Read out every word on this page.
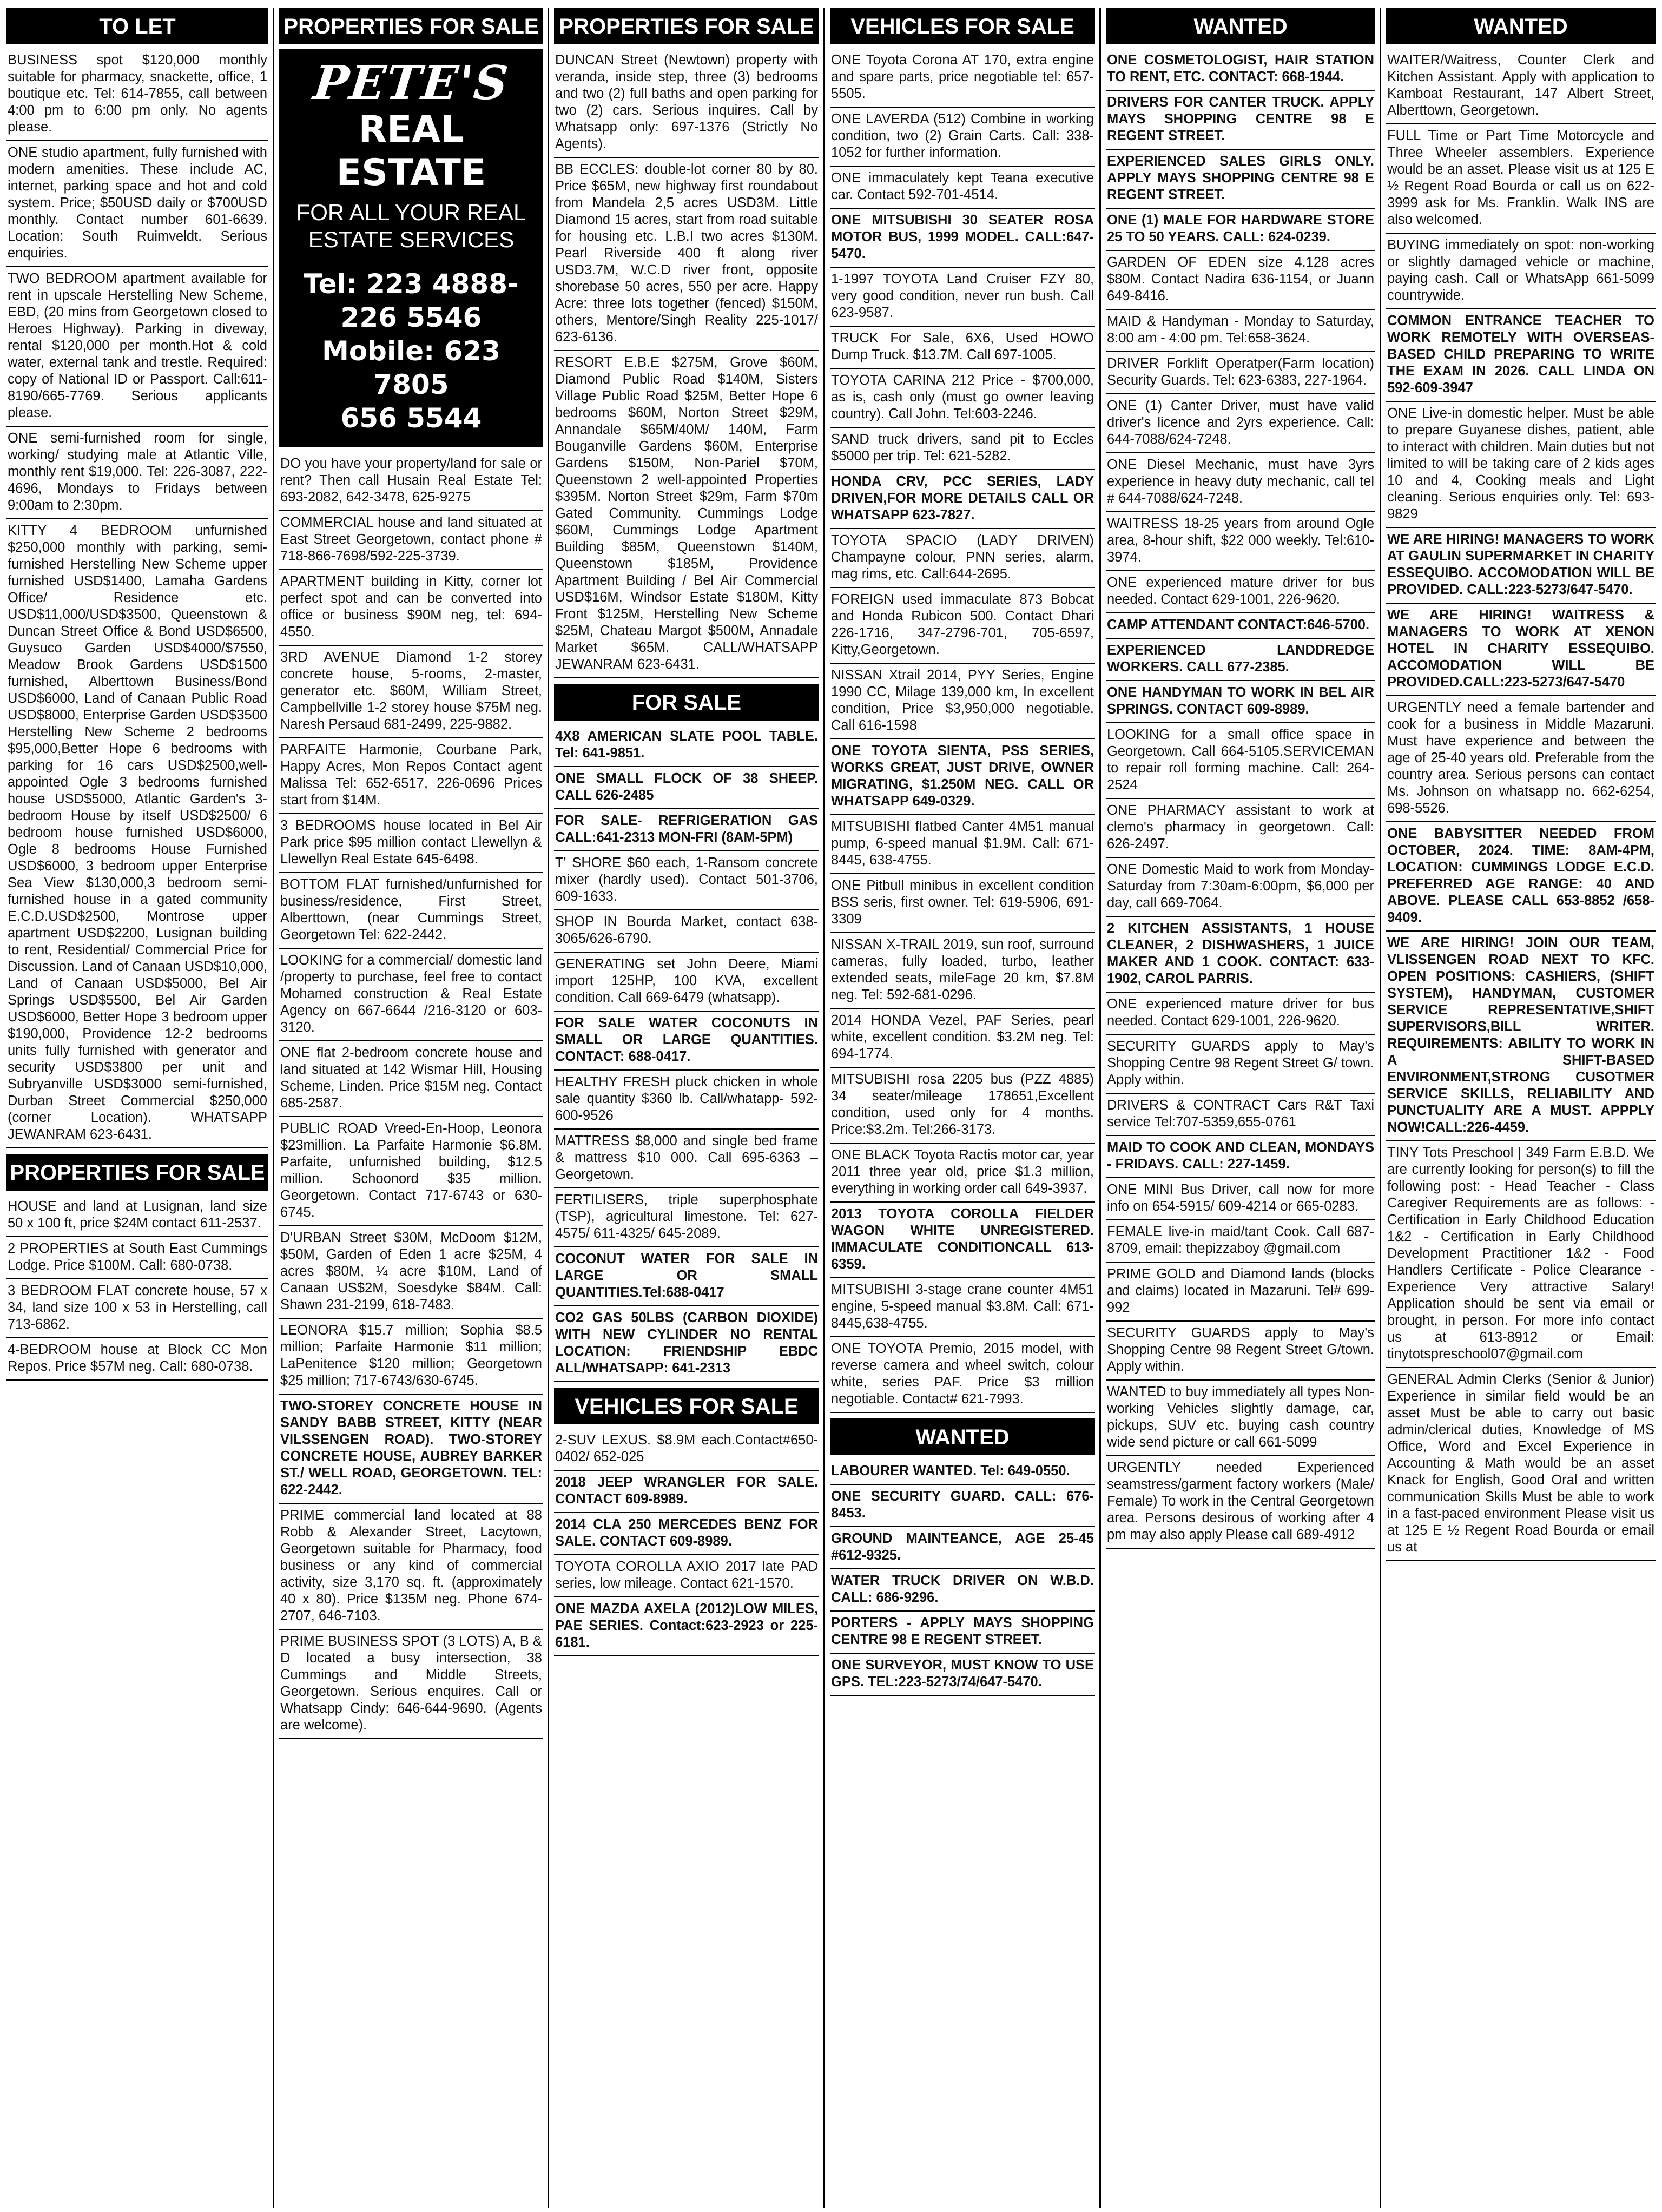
TO LET

BUSINESS spot $120,000 monthly suitable for pharmacy, snackette, office, 1 boutique etc. Tel: 614-7855, call between 4:00 pm to 6:00 pm only. No agents please.

ONE studio apartment, fully furnished with modern amenities. These include AC, internet, parking space and hot and cold system. Price; $50USD daily or $700USD monthly. Contact number 601-6639. Location: South Ruimveldt. Serious enquiries.

TWO BEDROOM apartment available for rent in upscale Herstelling New Scheme, EBD, (20 mins from Georgetown closed to Heroes Highway). Parking in diveway, rental $120,000 per month.Hot & cold water, external tank and trestle. Required: copy of National ID or Passport. Call:611-8190/665-7769. Serious applicants please.

ONE semi-furnished room for single, working/ studying male at Atlantic Ville, monthly rent $19,000. Tel: 226-3087, 222-4696, Mondays to Fridays between 9:00am to 2:30pm.

KITTY 4 BEDROOM unfurnished $250,000 monthly with parking, semi-furnished Herstelling New Scheme upper furnished USD$1400, Lamaha Gardens Office/ Residence etc. USD$11,000/USD$3500, Queenstown & Duncan Street Office & Bond USD$6500, Guysuco Garden USD$4000/$7550, Meadow Brook Gardens USD$1500 furnished, Alberttown Business/Bond USD$6000, Land of Canaan Public Road USD$8000, Enterprise Garden USD$3500 Herstelling New Scheme 2 bedrooms $95,000,Better Hope 6 bedrooms with parking for 16 cars USD$2500,well-appointed Ogle 3 bedrooms furnished house USD$5000, Atlantic Garden's 3-bedroom House by itself USD$2500/ 6 bedroom house furnished USD$6000, Ogle 8 bedrooms House Furnished USD$6000, 3 bedroom upper Enterprise Sea View $130,000,3 bedroom semi-furnished house in a gated community E.C.D.USD$2500, Montrose upper apartment USD$2200, Lusignan building to rent, Residential/ Commercial Price for Discussion. Land of Canaan USD$10,000, Land of Canaan USD$5000, Bel Air Springs USD$5500, Bel Air Garden USD$6000, Better Hope 3 bedroom upper $190,000, Providence 12-2 bedrooms units fully furnished with generator and security USD$3800 per unit and Subryanville USD$3000 semi-furnished, Durban Street Commercial $250,000 (corner Location). WHATSAPP JEWANRAM 623-6431.

PROPERTIES FOR SALE

HOUSE and land at Lusignan, land size 50 x 100 ft, price $24M contact 611-2537.

2 PROPERTIES at South East Cummings Lodge. Price $100M. Call: 680-0738.

3 BEDROOM FLAT concrete house, 57 x 34, land size 100 x 53 in Herstelling, call 713-6862.

4-BEDROOM house at Block CC Mon Repos. Price $57M neg. Call: 680-0738.

PROPERTIES FOR SALE
PETE'S
REAL ESTATE
FOR ALL YOUR REAL ESTATE SERVICES
Tel: 223 4888-
226 5546
Mobile: 623 7805
656 5544

DO you have your property/land for sale or rent? Then call Husain Real Estate Tel: 693-2082, 642-3478, 625-9275

COMMERCIAL house and land situated at East Street Georgetown, contact phone # 718-866-7698/592-225-3739.

APARTMENT building in Kitty, corner lot perfect spot and can be converted into office or business $90M neg, tel: 694-4550.

3RD AVENUE Diamond 1-2 storey concrete house, 5-rooms, 2-master, generator etc. $60M, William Street, Campbellville 1-2 storey house $75M neg. Naresh Persaud 681-2499, 225-9882.

PARFAITE Harmonie, Courbane Park, Happy Acres, Mon Repos Contact agent Malissa Tel: 652-6517, 226-0696 Prices start from $14M.

3 BEDROOMS house located in Bel Air Park price $95 million contact Llewellyn & Llewellyn Real Estate 645-6498.

BOTTOM FLAT furnished/unfurnished for business/residence, First Street, Alberttown, (near Cummings Street, Georgetown Tel: 622-2442.

LOOKING for a commercial/ domestic land /property to purchase, feel free to contact Mohamed construction & Real Estate Agency on 667-6644 /216-3120 or 603-3120.

ONE flat 2-bedroom concrete house and land situated at 142 Wismar Hill, Housing Scheme, Linden. Price $15M neg. Contact 685-2587.

PUBLIC ROAD Vreed-En-Hoop, Leonora $23million. La Parfaite Harmonie $6.8M. Parfaite, unfurnished building, $12.5 million. Schoonord $35 million. Georgetown. Contact 717-6743 or 630-6745.

D'URBAN Street $30M, McDoom $12M, $50M, Garden of Eden 1 acre $25M, 4 acres $80M, ¼ acre $10M, Land of Canaan US$2M, Soesdyke $84M. Call: Shawn 231-2199, 618-7483.

LEONORA $15.7 million; Sophia $8.5 million; Parfaite Harmonie $11 million; LaPenitence $120 million; Georgetown $25 million; 717-6743/630-6745.

TWO-STOREY CONCRETE HOUSE IN SANDY BABB STREET, KITTY (NEAR VILSSENGEN ROAD). TWO-STOREY CONCRETE HOUSE, AUBREY BARKER ST./ WELL ROAD, GEORGETOWN. TEL: 622-2442.

PRIME commercial land located at 88 Robb & Alexander Street, Lacytown, Georgetown suitable for Pharmacy, food business or any kind of commercial activity, size 3,170 sq. ft. (approximately 40 x 80). Price $135M neg. Phone 674-2707, 646-7103.

PRIME BUSINESS SPOT (3 LOTS) A, B & D located a busy intersection, 38 Cummings and Middle Streets, Georgetown. Serious enquires. Call or Whatsapp Cindy: 646-644-9690. (Agents are welcome).

PROPERTIES FOR SALE

DUNCAN Street (Newtown) property with veranda, inside step, three (3) bedrooms and two (2) full baths and open parking for two (2) cars. Serious inquires. Call by Whatsapp only: 697-1376 (Strictly No Agents).

BB ECCLES: double-lot corner 80 by 80. Price $65M, new highway first roundabout from Mandela 2,5 acres USD3M. Little Diamond 15 acres, start from road suitable for housing etc. L.B.I two acres $130M. Pearl Riverside 400 ft along river USD3.7M, W.C.D river front, opposite shorebase 50 acres, 550 per acre. Happy Acre: three lots together (fenced) $150M, others, Mentore/Singh Reality 225-1017/ 623-6136.

RESORT E.B.E $275M, Grove $60M, Diamond Public Road $140M, Sisters Village Public Road $25M, Better Hope 6 bedrooms $60M, Norton Street $29M, Annandale $65M/40M/ 140M, Farm Bouganville Gardens $60M, Enterprise Gardens $150M, Non-Pariel $70M, Queenstown 2 well-appointed Properties $395M. Norton Street $29m, Farm $70m Gated Community. Cummings Lodge $60M, Cummings Lodge Apartment Building $85M, Queenstown $140M, Queenstown $185M, Providence Apartment Building / Bel Air Commercial USD$16M, Windsor Estate $180M, Kitty Front $125M, Herstelling New Scheme $25M, Chateau Margot $500M, Annadale Market $65M. CALL/WHATSAPP JEWANRAM 623-6431.

FOR SALE

4X8 AMERICAN SLATE POOL TABLE. Tel: 641-9851.

ONE SMALL FLOCK OF 38 SHEEP. CALL 626-2485

FOR SALE- REFRIGERATION GAS CALL:641-2313 MON-FRI (8AM-5PM)

T' SHORE $60 each, 1-Ransom concrete mixer (hardly used). Contact 501-3706, 609-1633.

SHOP IN Bourda Market, contact 638-3065/626-6790.

GENERATING set John Deere, Miami import 125HP, 100 KVA, excellent condition. Call 669-6479 (whatsapp).

FOR SALE WATER COCONUTS IN SMALL OR LARGE QUANTITIES. CONTACT: 688-0417.

HEALTHY FRESH pluck chicken in whole sale quantity $360 lb. Call/whatapp- 592-600-9526

MATTRESS $8,000 and single bed frame & mattress $10 000. Call 695-6363 – Georgetown.

FERTILISERS, triple superphosphate (TSP), agricultural limestone. Tel: 627-4575/ 611-4325/ 645-2089.

COCONUT WATER FOR SALE IN LARGE OR SMALL QUANTITIES.Tel:688-0417

CO2 GAS 50LBS (CARBON DIOXIDE) WITH NEW CYLINDER NO RENTAL LOCATION: FRIENDSHIP EBDC ALL/WHATSAPP: 641-2313

VEHICLES FOR SALE

2-SUV LEXUS. $8.9M each.Contact#650-0402/ 652-025

2018 JEEP WRANGLER FOR SALE. CONTACT 609-8989.

2014 CLA 250 MERCEDES BENZ FOR SALE. CONTACT 609-8989.

TOYOTA COROLLA AXIO 2017 late PAD series, low mileage. Contact 621-1570.

ONE MAZDA AXELA (2012)LOW MILES, PAE SERIES. Contact:623-2923 or 225-6181.

VEHICLES FOR SALE

ONE Toyota Corona AT 170, extra engine and spare parts, price negotiable tel: 657-5505.

ONE LAVERDA (512) Combine in working condition, two (2) Grain Carts. Call: 338-1052 for further information.

ONE immaculately kept Teana executive car. Contact 592-701-4514.

ONE MITSUBISHI 30 SEATER ROSA MOTOR BUS, 1999 MODEL. CALL:647-5470.

1-1997 TOYOTA Land Cruiser FZY 80, very good condition, never run bush. Call 623-9587.

TRUCK For Sale, 6X6, Used HOWO Dump Truck. $13.7M. Call 697-1005.

TOYOTA CARINA 212 Price - $700,000, as is, cash only (must go owner leaving country). Call John. Tel:603-2246.

SAND truck drivers, sand pit to Eccles $5000 per trip. Tel: 621-5282.

HONDA CRV, PCC SERIES, LADY DRIVEN,FOR MORE DETAILS CALL OR WHATSAPP 623-7827.

TOYOTA SPACIO (LADY DRIVEN) Champayne colour, PNN series, alarm, mag rims, etc. Call:644-2695.

FOREIGN used immaculate 873 Bobcat and Honda Rubicon 500. Contact Dhari 226-1716, 347-2796-701, 705-6597, Kitty,Georgetown.

NISSAN Xtrail 2014, PYY Series, Engine 1990 CC, Milage 139,000 km, In excellent condition, Price $3,950,000 negotiable. Call 616-1598

ONE TOYOTA SIENTA, PSS SERIES, WORKS GREAT, JUST DRIVE, OWNER MIGRATING, $1.250M NEG. CALL OR WHATSAPP 649-0329.

MITSUBISHI flatbed Canter 4M51 manual pump, 6-speed manual $1.9M. Call: 671-8445, 638-4755.

ONE Pitbull minibus in excellent condition BSS seris, first owner. Tel: 619-5906, 691-3309

NISSAN X-TRAIL 2019, sun roof, surround cameras, fully loaded, turbo, leather extended seats, mileFage 20 km, $7.8M neg. Tel: 592-681-0296.

2014 HONDA Vezel, PAF Series, pearl white, excellent condition. $3.2M neg. Tel: 694-1774.

MITSUBISHI rosa 2205 bus (PZZ 4885) 34 seater/mileage 178651,Excellent condition, used only for 4 months. Price:$3.2m. Tel:266-3173.

ONE BLACK Toyota Ractis motor car, year 2011 three year old, price $1.3 million, everything in working order call 649-3937.

2013 TOYOTA COROLLA FIELDER WAGON WHITE UNREGISTERED. IMMACULATE CONDITIONCALL 613-6359.

MITSUBISHI 3-stage crane counter 4M51 engine, 5-speed manual $3.8M. Call: 671-8445,638-4755.

ONE TOYOTA Premio, 2015 model, with reverse camera and wheel switch, colour white, series PAF. Price $3 million negotiable. Contact# 621-7993.

WANTED

LABOURER WANTED. Tel: 649-0550.

ONE SECURITY GUARD. CALL: 676-8453.

GROUND MAINTEANCE, AGE 25-45 #612-9325.

WATER TRUCK DRIVER ON W.B.D. CALL: 686-9296.

PORTERS - APPLY MAYS SHOPPING CENTRE 98 E REGENT STREET.

ONE SURVEYOR, MUST KNOW TO USE GPS. TEL:223-5273/74/647-5470.

WANTED

ONE COSMETOLOGIST, HAIR STATION TO RENT, ETC. CONTACT: 668-1944.

DRIVERS FOR CANTER TRUCK. APPLY MAYS SHOPPING CENTRE 98 E REGENT STREET.

EXPERIENCED SALES GIRLS ONLY. APPLY MAYS SHOPPING CENTRE 98 E REGENT STREET.

ONE (1) MALE FOR HARDWARE STORE 25 TO 50 YEARS. CALL: 624-0239.

GARDEN OF EDEN size 4.128 acres $80M. Contact Nadira 636-1154, or Juann 649-8416.

MAID & Handyman - Monday to Saturday, 8:00 am - 4:00 pm. Tel:658-3624.

DRIVER Forklift Operatper(Farm location) Security Guards. Tel: 623-6383, 227-1964.

ONE (1) Canter Driver, must have valid driver's licence and 2yrs experience. Call: 644-7088/624-7248.

ONE Diesel Mechanic, must have 3yrs experience in heavy duty mechanic, call tel # 644-7088/624-7248.

WAITRESS 18-25 years from around Ogle area, 8-hour shift, $22 000 weekly. Tel:610-3974.

ONE experienced mature driver for bus needed. Contact 629-1001, 226-9620.

CAMP ATTENDANT CONTACT:646-5700.

EXPERIENCED LANDDREDGE WORKERS. CALL 677-2385.

ONE HANDYMAN TO WORK IN BEL AIR SPRINGS. CONTACT 609-8989.

LOOKING for a small office space in Georgetown. Call 664-5105.SERVICEMAN to repair roll forming machine. Call: 264-2524

ONE PHARMACY assistant to work at clemo's pharmacy in georgetown. Call: 626-2497.

ONE Domestic Maid to work from Monday-Saturday from 7:30am-6:00pm, $6,000 per day, call 669-7064.

2 KITCHEN ASSISTANTS, 1 HOUSE CLEANER, 2 DISHWASHERS, 1 JUICE MAKER AND 1 COOK. CONTACT: 633-1902, CAROL PARRIS.

ONE experienced mature driver for bus needed. Contact 629-1001, 226-9620.

SECURITY GUARDS apply to May's Shopping Centre 98 Regent Street G/ town. Apply within.

DRIVERS & CONTRACT Cars R&T Taxi service Tel:707-5359,655-0761

MAID TO COOK AND CLEAN, MONDAYS - FRIDAYS. CALL: 227-1459.

ONE MINI Bus Driver, call now for more info on 654-5915/ 609-4214 or 665-0283.

FEMALE live-in maid/tant Cook. Call 687-8709, email: thepizzaboy @gmail.com

PRIME GOLD and Diamond lands (blocks and claims) located in Mazaruni. Tel# 699-992

SECURITY GUARDS apply to May's Shopping Centre 98 Regent Street G/town. Apply within.

WANTED to buy immediately all types Non-working Vehicles slightly damage, car, pickups, SUV etc. buying cash country wide send picture or call 661-5099

URGENTLY needed Experienced seamstress/garment factory workers (Male/ Female) To work in the Central Georgetown area. Persons desirous of working after 4 pm may also apply Please call 689-4912

WANTED

WAITER/Waitress, Counter Clerk and Kitchen Assistant. Apply with application to Kamboat Restaurant, 147 Albert Street, Alberttown, Georgetown.

FULL Time or Part Time Motorcycle and Three Wheeler assemblers. Experience would be an asset. Please visit us at 125 E ½ Regent Road Bourda or call us on 622-3999 ask for Ms. Franklin. Walk INS are also welcomed.

BUYING immediately on spot: non-working or slightly damaged vehicle or machine, paying cash. Call or WhatsApp 661-5099 countrywide.

COMMON ENTRANCE TEACHER TO WORK REMOTELY WITH OVERSEAS-BASED CHILD PREPARING TO WRITE THE EXAM IN 2026. CALL LINDA ON 592-609-3947

ONE Live-in domestic helper. Must be able to prepare Guyanese dishes, patient, able to interact with children. Main duties but not limited to will be taking care of 2 kids ages 10 and 4, Cooking meals and Light cleaning. Serious enquiries only. Tel: 693-9829

WE ARE HIRING! MANAGERS TO WORK AT GAULIN SUPERMARKET IN CHARITY ESSEQUIBO. ACCOMODATION WILL BE PROVIDED. CALL:223-5273/647-5470.

WE ARE HIRING! WAITRESS & MANAGERS TO WORK AT XENON HOTEL IN CHARITY ESSEQUIBO. ACCOMODATION WILL BE PROVIDED.CALL:223-5273/647-5470

URGENTLY need a female bartender and cook for a business in Middle Mazaruni. Must have experience and between the age of 25-40 years old. Preferable from the country area. Serious persons can contact Ms. Johnson on whatsapp no. 662-6254, 698-5526.

ONE BABYSITTER NEEDED FROM OCTOBER, 2024. TIME: 8AM-4PM, LOCATION: CUMMINGS LODGE E.C.D. PREFERRED AGE RANGE: 40 AND ABOVE. PLEASE CALL 653-8852 /658-9409.

WE ARE HIRING! JOIN OUR TEAM, VLISSENGEN ROAD NEXT TO KFC. OPEN POSITIONS: CASHIERS, (SHIFT SYSTEM), HANDYMAN, CUSTOMER SERVICE REPRESENTATIVE,SHIFT SUPERVISORS,BILL WRITER. REQUIREMENTS: ABILITY TO WORK IN A SHIFT-BASED ENVIRONMENT,STRONG CUSOTMER SERVICE SKILLS, RELIABILITY AND PUNCTUALITY ARE A MUST. APPPLY NOW!CALL:226-4459.

TINY Tots Preschool | 349 Farm E.B.D. We are currently looking for person(s) to fill the following post: - Head Teacher - Class Caregiver Requirements are as follows: - Certification in Early Childhood Education 1&2 - Certification in Early Childhood Development Practitioner 1&2 - Food Handlers Certificate - Police Clearance - Experience Very attractive Salary! Application should be sent via email or brought, in person. For more info contact us at 613-8912 or Email: tinytotspreschool07@gmail.com

GENERAL Admin Clerks (Senior & Junior) Experience in similar field would be an asset Must be able to carry out basic admin/clerical duties, Knowledge of MS Office, Word and Excel Experience in Accounting & Math would be an asset Knack for English, Good Oral and written communication Skills Must be able to work in a fast-paced environment Please visit us at 125 E ½ Regent Road Bourda or email us at
